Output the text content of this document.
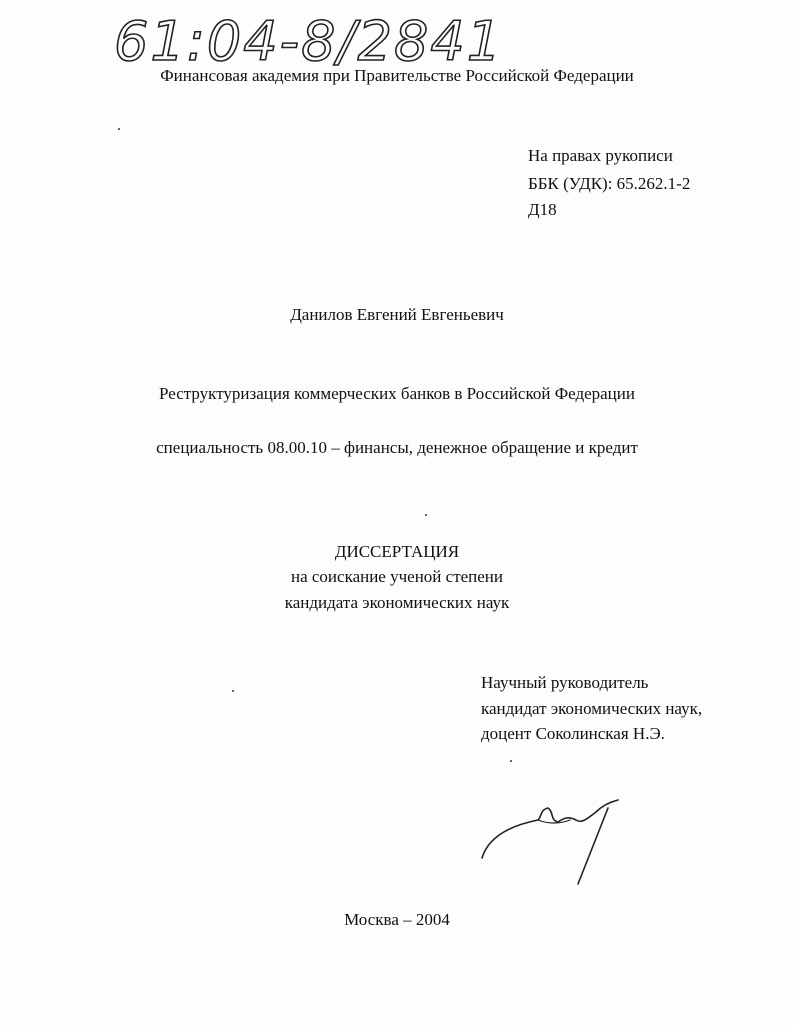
61:04-8/2841
Финансовая академия при Правительстве Российской Федерации
На правах рукописи
ББК (УДК): 65.262.1-2
Д18
Данилов Евгений Евгеньевич
Реструктуризация коммерческих банков в Российской Федерации
специальность 08.00.10 – финансы, денежное обращение и кредит
ДИССЕРТАЦИЯ
на соискание ученой степени
кандидата экономических наук
Научный руководитель
кандидат экономических наук,
доцент Соколинская Н.Э.
Москва – 2004
